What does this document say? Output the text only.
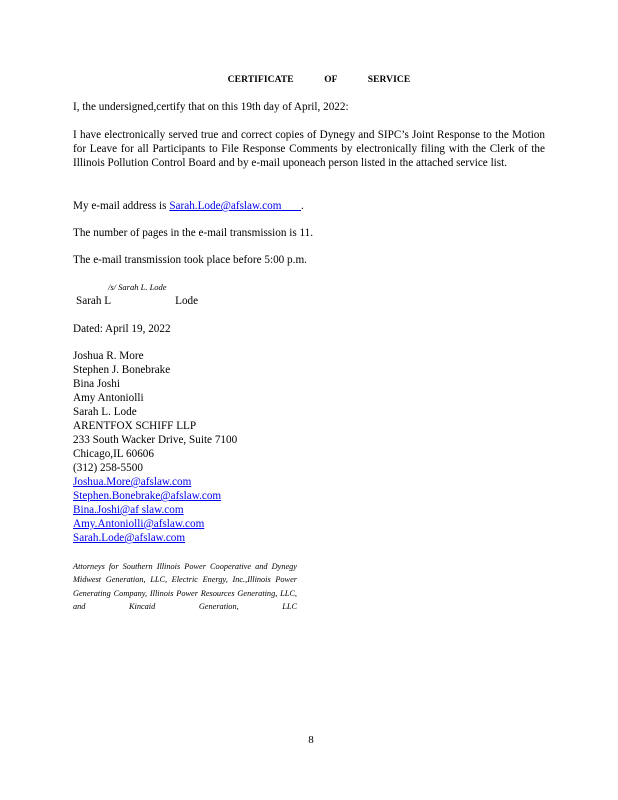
CERTIFICATE OF SERVICE
I, the undersigned,certify that on this 19th day of April, 2022:
I have electronically served true and correct copies of Dynegy and SIPC’s Joint Response to the Motion for Leave for all Participants to File Response Comments by electronically filing with the Clerk of the Illinois Pollution Control Board and by e-mail uponeach person listed in the attached service list.
My e-mail address is Sarah.Lode@afslaw.com .
The number of pages in the e-mail transmission is 11.
The e-mail transmission took place before 5:00 p.m.
/s/ Sarah L. Lode
Sarah L	Lode
Dated: April 19, 2022
Joshua R. More
Stephen J. Bonebrake
Bina Joshi
Amy Antoniolli
Sarah L. Lode
ARENTFOX SCHIFF LLP
233 South Wacker Drive, Suite 7100
Chicago,IL 60606
(312) 258-5500
Joshua.More@afslaw.com
Stephen.Bonebrake@afslaw.com
Bina.Joshi@af slaw.com
Amy.Antoniolli@afslaw.com
Sarah.Lode@afslaw.com
Attorneys for Southern Illinois Power Cooperative and Dynegy Midwest Generation, LLC, Electric Energy, Inc.,Illinois Power Generating Company, Illinois Power Resources Generating, LLC, and Kincaid Generation, LLC
8
